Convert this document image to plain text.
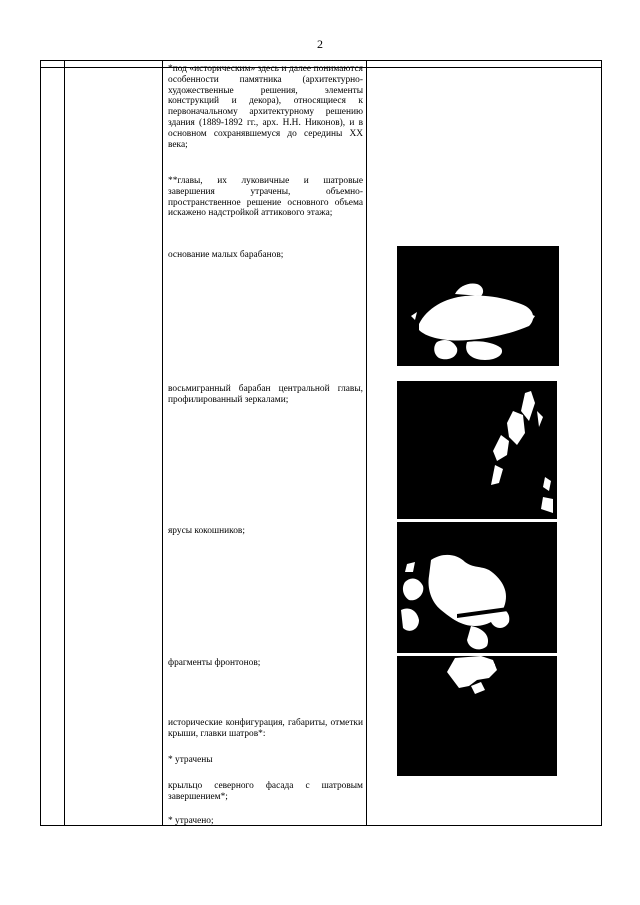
2
*под «историческим» здесь и далее понимаются особенности памятника (архитектурно-художественные решения, элементы конструкций и декора), относящиеся к первоначальному архитектурному решению здания (1889-1892 гг., арх. Н.Н. Никонов), и в основном сохранявшемуся до середины XX века;
**главы, их луковичные и шатровые завершения утрачены, объемно-пространственное решение основного объема искажено надстройкой аттикового этажа;
основание малых барабанов;
восьмигранный барабан центральной главы, профилированный зеркалами;
ярусы кокошников;
фрагменты фронтонов;
исторические конфигурация, габариты, отметки крыши, главки шатров*:
* утрачены
крыльцо северного фасада с шатровым завершением*;
* утрачено;
